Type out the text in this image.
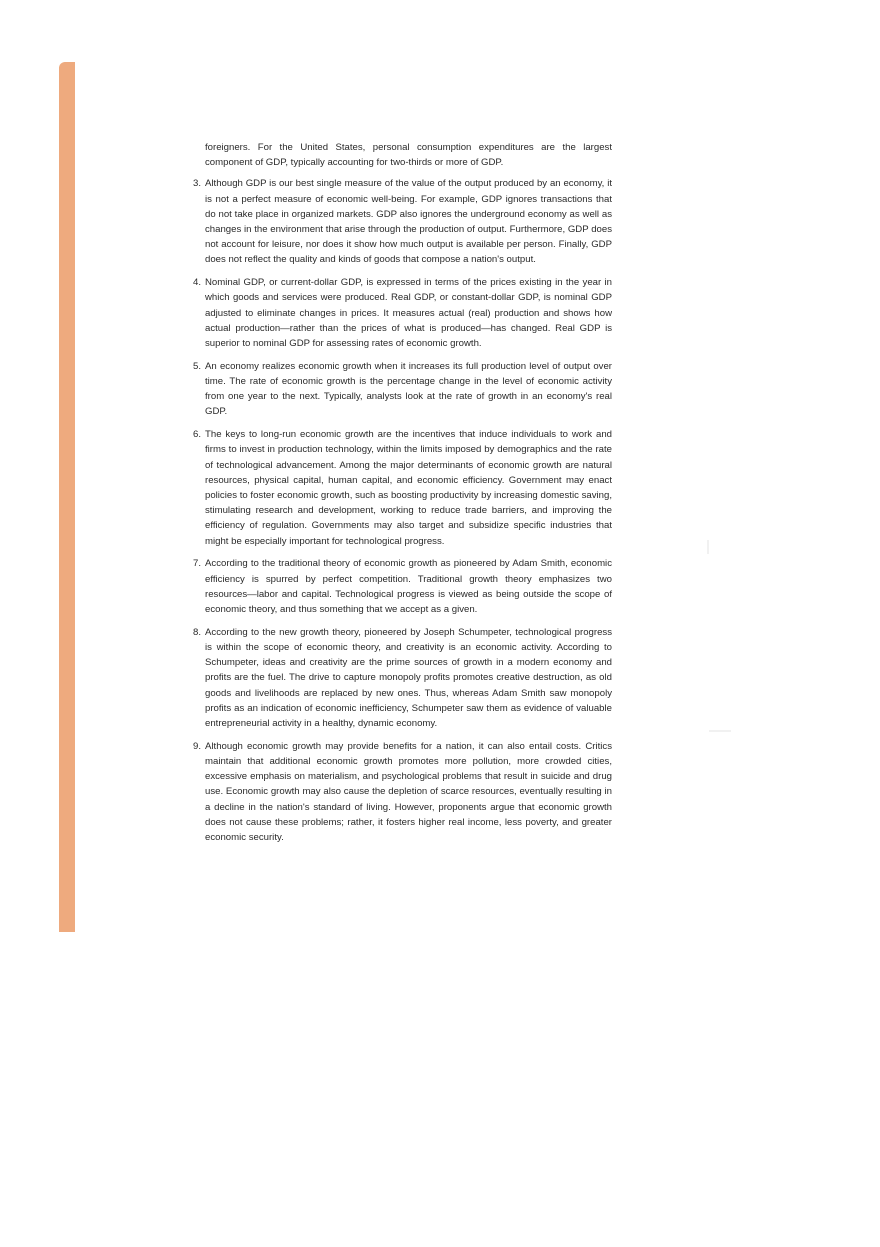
foreigners. For the United States, personal consumption expenditures are the largest component of GDP, typically accounting for two-thirds or more of GDP.

3. Although GDP is our best single measure of the value of the output produced by an economy, it is not a perfect measure of economic well-being. For example, GDP ignores transactions that do not take place in organized markets. GDP also ignores the underground economy as well as changes in the environment that arise through the production of output. Furthermore, GDP does not account for leisure, nor does it show how much output is available per person. Finally, GDP does not reflect the quality and kinds of goods that compose a nation's output.
4. Nominal GDP, or current-dollar GDP, is expressed in terms of the prices existing in the year in which goods and services were produced. Real GDP, or constant-dollar GDP, is nominal GDP adjusted to eliminate changes in prices. It measures actual (real) production and shows how actual production—rather than the prices of what is produced—has changed. Real GDP is superior to nominal GDP for assessing rates of economic growth.
5. An economy realizes economic growth when it increases its full production level of output over time. The rate of economic growth is the percentage change in the level of economic activity from one year to the next. Typically, analysts look at the rate of growth in an economy's real GDP.
6. The keys to long-run economic growth are the incentives that induce individuals to work and firms to invest in production technology, within the limits imposed by demographics and the rate of technological advancement. Among the major determinants of economic growth are natural resources, physical capital, human capital, and economic efficiency. Government may enact policies to foster economic growth, such as boosting productivity by increasing domestic saving, stimulating research and development, working to reduce trade barriers, and improving the efficiency of regulation. Governments may also target and subsidize specific industries that might be especially important for technological progress.
7. According to the traditional theory of economic growth as pioneered by Adam Smith, economic efficiency is spurred by perfect competition. Traditional growth theory emphasizes two resources—labor and capital. Technological progress is viewed as being outside the scope of economic theory, and thus something that we accept as a given.
8. According to the new growth theory, pioneered by Joseph Schumpeter, technological progress is within the scope of economic theory, and creativity is an economic activity. According to Schumpeter, ideas and creativity are the prime sources of growth in a modern economy and profits are the fuel. The drive to capture monopoly profits promotes creative destruction, as old goods and livelihoods are replaced by new ones. Thus, whereas Adam Smith saw monopoly profits as an indication of economic inefficiency, Schumpeter saw them as evidence of valuable entrepreneurial activity in a healthy, dynamic economy.
9. Although economic growth may provide benefits for a nation, it can also entail costs. Critics maintain that additional economic growth promotes more pollution, more crowded cities, excessive emphasis on materialism, and psychological problems that result in suicide and drug use. Economic growth may also cause the depletion of scarce resources, eventually resulting in a decline in the nation's standard of living. However, proponents argue that economic growth does not cause these problems; rather, it fosters higher real income, less poverty, and greater economic security.
